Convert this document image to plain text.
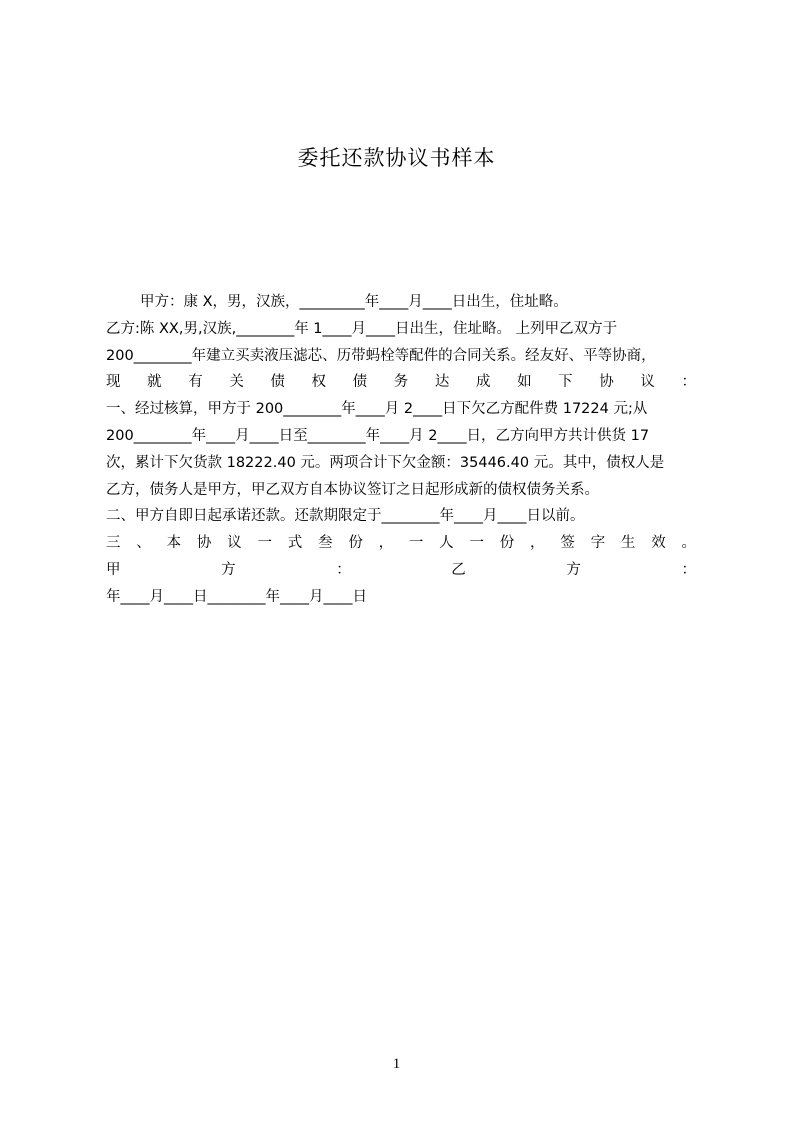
委托还款协议书样本
甲方：康 X，男，汉族，_________年____月____日出生，住址略。
乙方:陈 XX,男,汉族,________年 1____月____日出生，住址略。 上列甲乙双方于
200________年建立买卖液压滤芯、历带蚂栓等配件的合同关系。经友好、平等协商，
现 就 有 关 债 权 债 务 达 成 如 下 协 议 ：
一、经过核算，甲方于 200________年____月 2____日下欠乙方配件费 17224 元;从
200________年____月____日至________年____月 2____日，乙方向甲方共计供货 17
次，累计下欠货款 18222.40 元。两项合计下欠金额：35446.40 元。其中，债权人是
乙方，债务人是甲方，甲乙双方自本协议签订之日起形成新的债权债务关系。
二、甲方自即日起承诺还款。还款期限定于________年____月____日以前。
三 、 本 协 议 一 式 叁 份 ， 一 人 一 份 ， 签 字 生 效 。
甲 方 ： 乙 方 ：
年____月____日________年____月____日
1
